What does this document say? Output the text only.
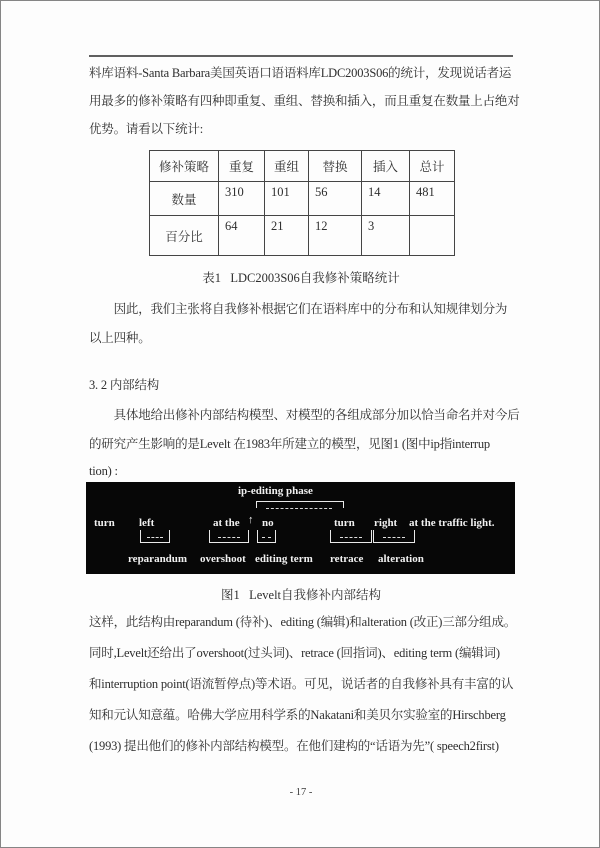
料库语料-Santa Barbara美国英语口语语料库LDC2003S06的统计，发现说话者运
用最多的修补策略有四种即重复、重组、替换和插入，而且重复在数量上占绝对
优势。请看以下统计:
修补策略	重复	重组	替换	插入	总计
数量	310	101	56	14	481
百分比	64	21	12	3	
表1   LDC2003S06自我修补策略统计
　　因此，我们主张将自我修补根据它们在语料库中的分布和认知规律划分为
以上四种。
3. 2 内部结构
　　具体地给出修补内部结构模型、对模型的各组成部分加以恰当命名并对今后
的研究产生影响的是Levelt 在1983年所建立的模型，见图1 (图中ip指interrup
tion) :
ip-editing phase
turn left	at the ↑ no	turn right at the traffic light.
reparandum overshoot editing term retrace alteration
图1   Levelt自我修补内部结构
这样，此结构由reparandum (待补)、editing (编辑)和alteration (改正)三部分组成。
同时,Levelt还给出了overshoot(过头词)、retrace (回指词)、editing term (编辑词)
和interruption point(语流暂停点)等术语。可见，说话者的自我修补具有丰富的认
知和元认知意蕴。哈佛大学应用科学系的Nakatani和美贝尔实验室的Hirschberg
(1993) 提出他们的修补内部结构模型。在他们建构的“话语为先”( speech2first)
- 17 -
